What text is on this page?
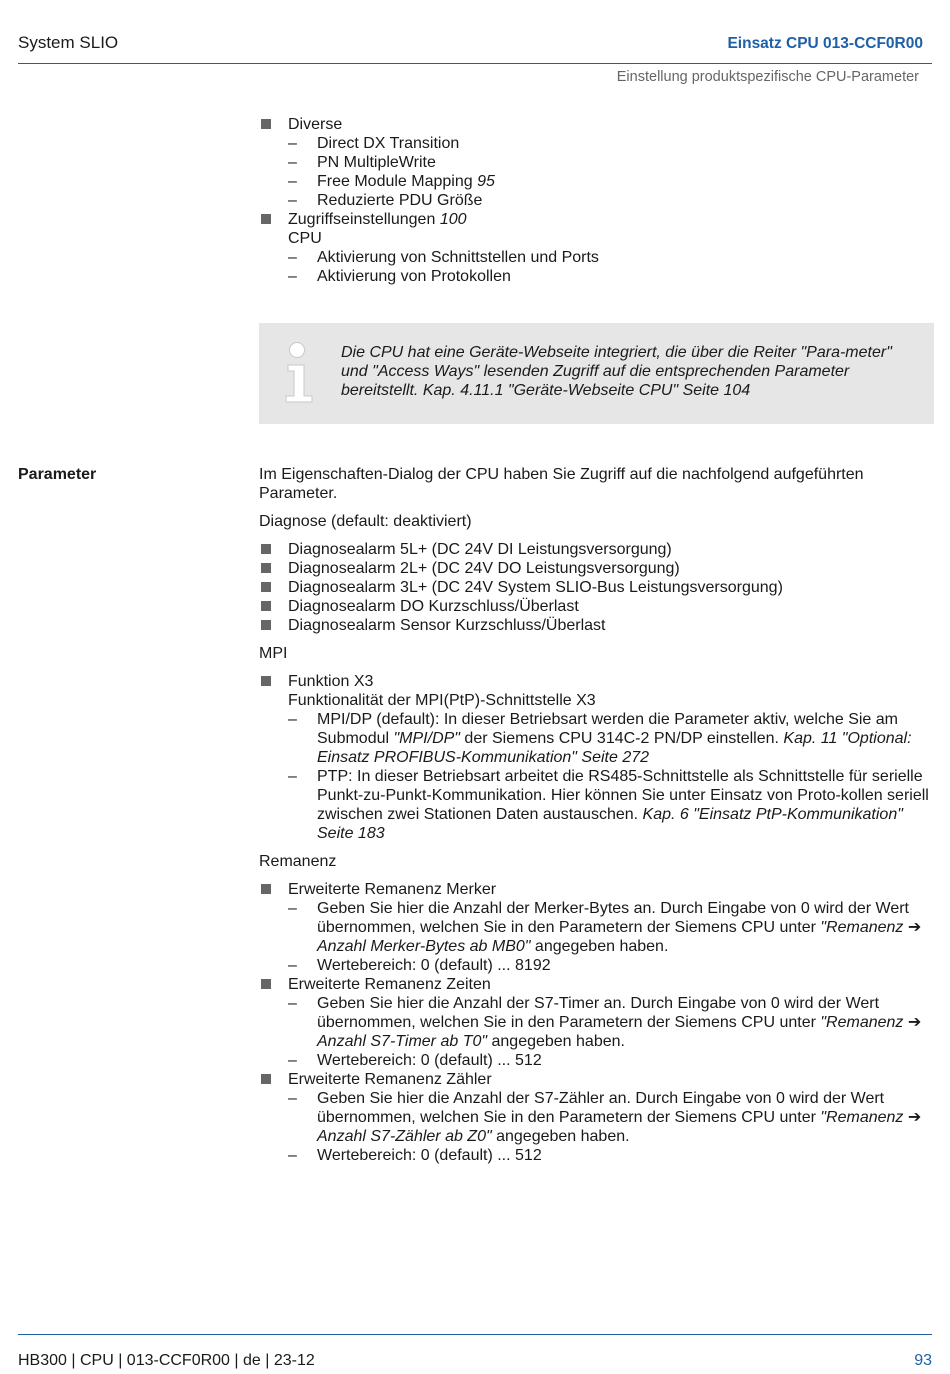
System SLIO	Einsatz CPU 013-CCF0R00
Einstellung produktspezifische CPU-Parameter
Diverse
– Direct DX Transition
– PN MultipleWrite
– Free Module Mapping 95
– Reduzierte PDU Größe
Zugriffseinstellungen 100
CPU
– Aktivierung von Schnittstellen und Ports
– Aktivierung von Protokollen
Die CPU hat eine Geräte-Webseite integriert, die über die Reiter "Para-meter" und "Access Ways" lesenden Zugriff auf die entsprechenden Parameter bereitstellt. Kap. 4.11.1 "Geräte-Webseite CPU" Seite 104
Parameter	Im Eigenschaften-Dialog der CPU haben Sie Zugriff auf die nachfolgend aufgeführten Parameter.
Diagnose (default: deaktiviert)
Diagnosealarm 5L+ (DC 24V DI Leistungsversorgung)
Diagnosealarm 2L+ (DC 24V DO Leistungsversorgung)
Diagnosealarm 3L+ (DC 24V System SLIO-Bus Leistungsversorgung)
Diagnosealarm DO Kurzschluss/Überlast
Diagnosealarm Sensor Kurzschluss/Überlast
MPI
Funktion X3
Funktionalität der MPI(PtP)-Schnittstelle X3
– MPI/DP (default): In dieser Betriebsart werden die Parameter aktiv, welche Sie am Submodul "MPI/DP" der Siemens CPU 314C-2 PN/DP einstellen. Kap. 11 "Optional: Einsatz PROFIBUS-Kommunikation" Seite 272
– PTP: In dieser Betriebsart arbeitet die RS485-Schnittstelle als Schnittstelle für serielle Punkt-zu-Punkt-Kommunikation. Hier können Sie unter Einsatz von Proto-kollen seriell zwischen zwei Stationen Daten austauschen. Kap. 6 "Einsatz PtP-Kommunikation" Seite 183
Remanenz
Erweiterte Remanenz Merker
– Geben Sie hier die Anzahl der Merker-Bytes an. Durch Eingabe von 0 wird der Wert übernommen, welchen Sie in den Parametern der Siemens CPU unter "Remanenz ➔ Anzahl Merker-Bytes ab MB0" angegeben haben.
– Wertebereich: 0 (default) ... 8192
Erweiterte Remanenz Zeiten
– Geben Sie hier die Anzahl der S7-Timer an. Durch Eingabe von 0 wird der Wert übernommen, welchen Sie in den Parametern der Siemens CPU unter "Remanenz ➔ Anzahl S7-Timer ab T0" angegeben haben.
– Wertebereich: 0 (default) ... 512
Erweiterte Remanenz Zähler
– Geben Sie hier die Anzahl der S7-Zähler an. Durch Eingabe von 0 wird der Wert übernommen, welchen Sie in den Parametern der Siemens CPU unter "Remanenz ➔ Anzahl S7-Zähler ab Z0" angegeben haben.
– Wertebereich: 0 (default) ... 512
HB300 | CPU | 013-CCF0R00 | de | 23-12	93
